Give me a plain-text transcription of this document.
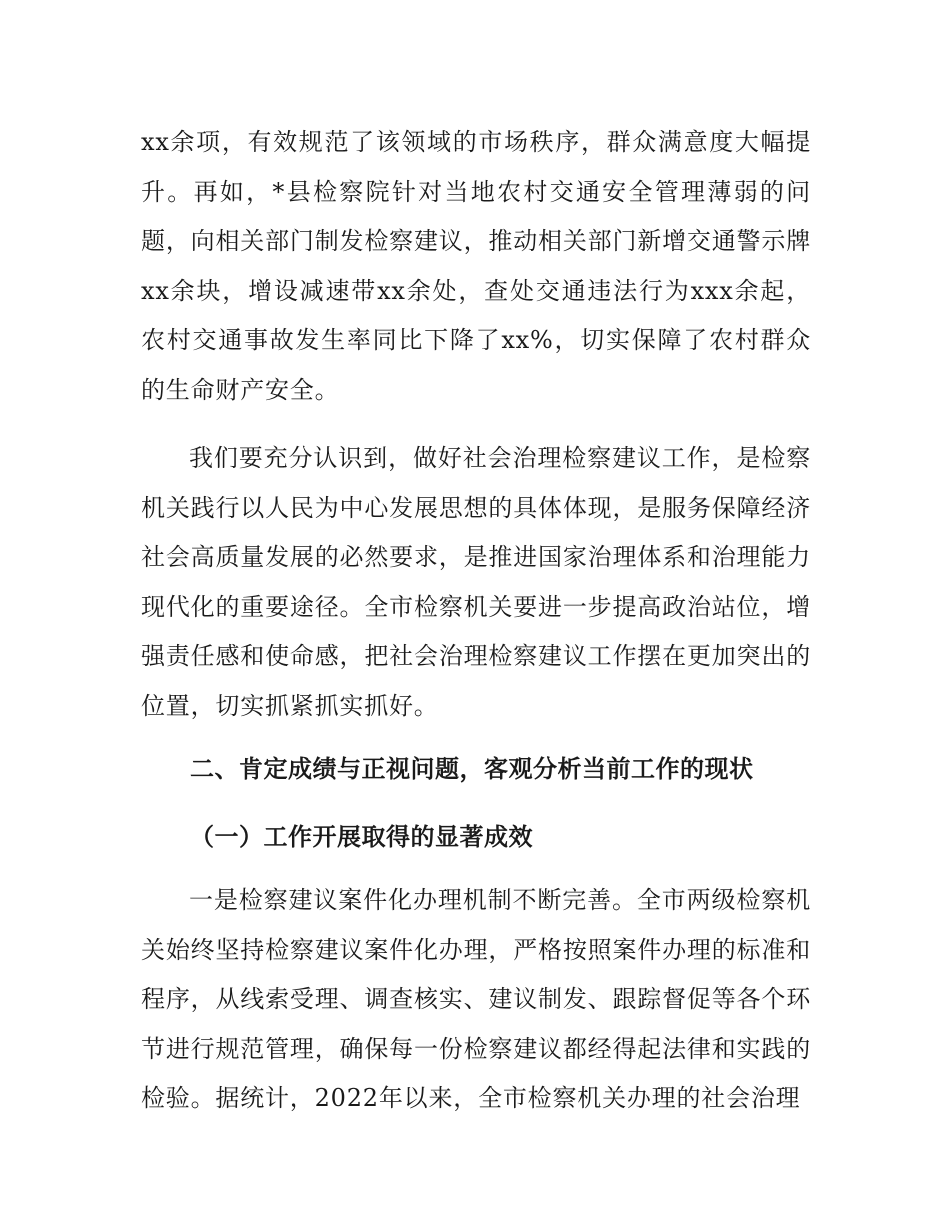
xx余项，有效规范了该领域的市场秩序，群众满意度大幅提升。再如，*县检察院针对当地农村交通安全管理薄弱的问题，向相关部门制发检察建议，推动相关部门新增交通警示牌xx余块，增设减速带xx余处，查处交通违法行为xxx余起，农村交通事故发生率同比下降了xx%，切实保障了农村群众的生命财产安全。

我们要充分认识到，做好社会治理检察建议工作，是检察机关践行以人民为中心发展思想的具体体现，是服务保障经济社会高质量发展的必然要求，是推进国家治理体系和治理能力现代化的重要途径。全市检察机关要进一步提高政治站位，增强责任感和使命感，把社会治理检察建议工作摆在更加突出的位置，切实抓紧抓实抓好。

二、肯定成绩与正视问题，客观分析当前工作的现状
（一）工作开展取得的显著成效

一是检察建议案件化办理机制不断完善。全市两级检察机关始终坚持检察建议案件化办理，严格按照案件办理的标准和程序，从线索受理、调查核实、建议制发、跟踪督促等各个环节进行规范管理，确保每一份检察建议都经得起法律和实践的检验。据统计，2022年以来，全市检察机关办理的社会治理
